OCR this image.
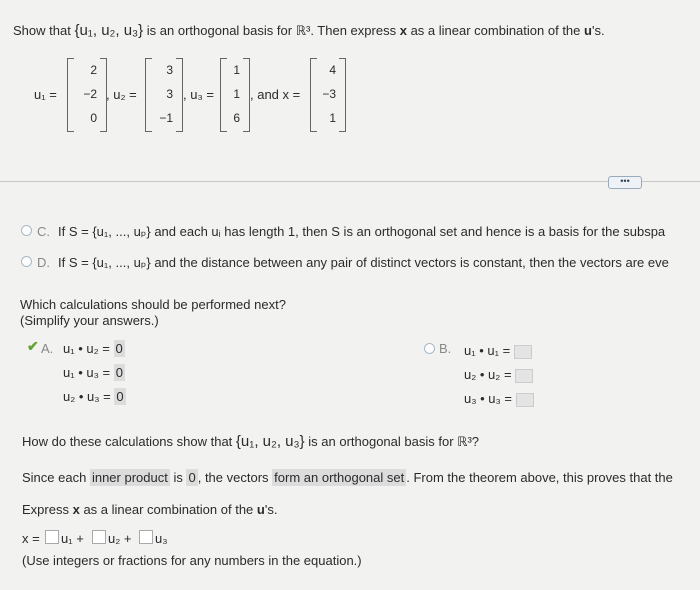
Show that {u₁, u₂, u₃} is an orthogonal basis for ℝ³. Then express x as a linear combination of the u's.
u₁ =
2
−2
0
, u₂ =
3
3
−1
, u₃ =
1
1
6
, and x =
4
−3
1
•••
C. If S = {u₁, ..., uₚ} and each uᵢ has length 1, then S is an orthogonal set and hence is a basis for the subspa
D. If S = {u₁, ..., uₚ} and the distance between any pair of distinct vectors is constant, then the vectors are eve
Which calculations should be performed next?
(Simplify your answers.)
✔ A. u₁ • u₂ = 0
u₁ • u₃ = 0
u₂ • u₃ = 0
B. u₁ • u₁ =
u₂ • u₂ =
u₃ • u₃ =
How do these calculations show that {u₁, u₂, u₃} is an orthogonal basis for ℝ³?
Since each inner product is 0 , the vectors form an orthogonal set . From the theorem above, this proves that the
Express x as a linear combination of the u's.
x = u₁ + u₂ + u₃
(Use integers or fractions for any numbers in the equation.)
